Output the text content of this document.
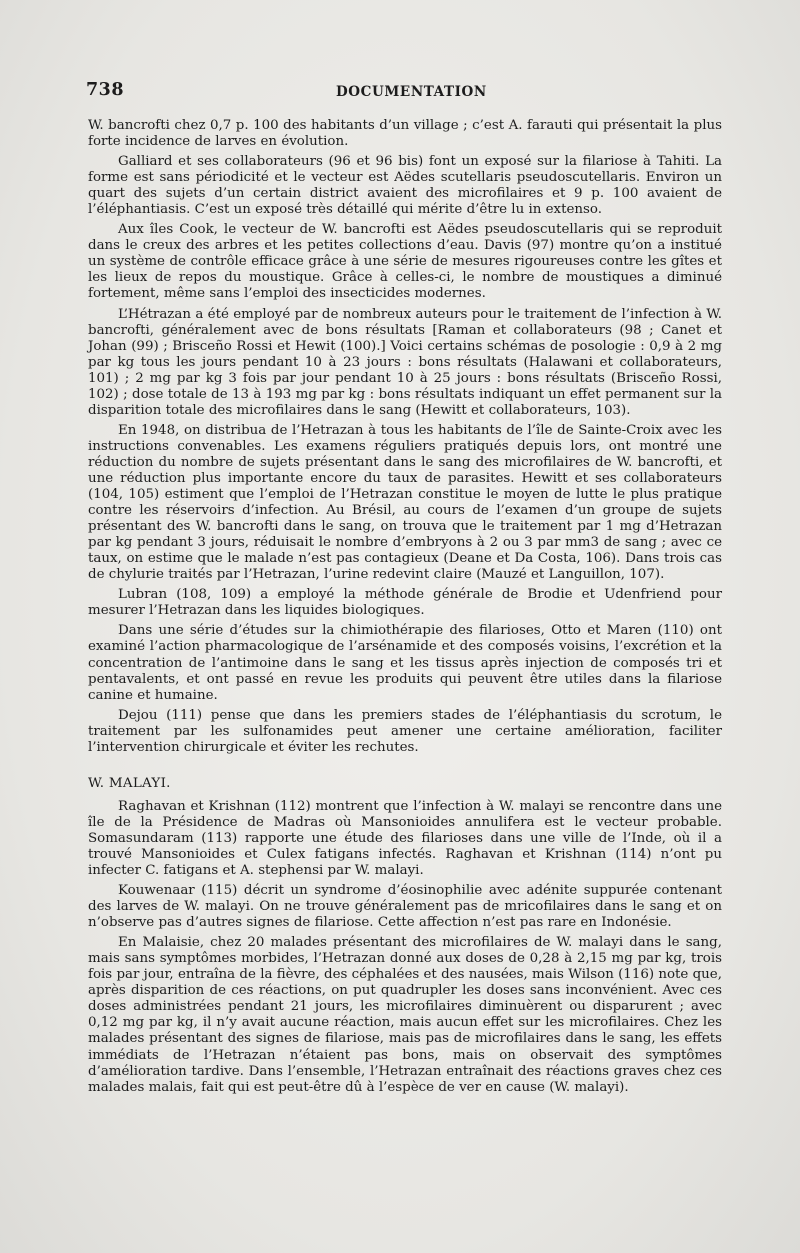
738	DOCUMENTATION

W. bancrofti chez 0,7 p. 100 des habitants d’un village ; c’est A. farauti qui présentait la plus forte incidence de larves en évolution.

Galliard et ses collaborateurs (96 et 96 bis) font un exposé sur la filariose à Tahiti. La forme est sans périodicité et le vecteur est Aëdes scutellaris pseudoscutellaris. Environ un quart des sujets d’un certain district avaient des microfilaires et 9 p. 100 avaient de l’éléphantiasis. C’est un exposé très détaillé qui mérite d’être lu in extenso.

Aux îles Cook, le vecteur de W. bancrofti est Aëdes pseudoscutellaris qui se reproduit dans le creux des arbres et les petites collections d’eau. Davis (97) montre qu’on a institué un système de contrôle efficace grâce à une série de mesures rigoureuses contre les gîtes et les lieux de repos du moustique. Grâce à celles-ci, le nombre de moustiques a diminué fortement, même sans l’emploi des insecticides modernes.

L’Hétrazan a été employé par de nombreux auteurs pour le traitement de l’infection à W. bancrofti, généralement avec de bons résultats [Raman et collaborateurs (98 ; Canet et Johan (99) ; Brisceño Rossi et Hewit (100).] Voici certains schémas de posologie : 0,9 à 2 mg par kg tous les jours pendant 10 à 23 jours : bons résultats (Halawani et collaborateurs, 101) ; 2 mg par kg 3 fois par jour pendant 10 à 25 jours : bons résultats (Brisceño Rossi, 102) ; dose totale de 13 à 193 mg par kg : bons résultats indiquant un effet permanent sur la disparition totale des microfilaires dans le sang (Hewitt et collaborateurs, 103).

En 1948, on distribua de l’Hetrazan à tous les habitants de l’île de Sainte-Croix avec les instructions convenables. Les examens réguliers pratiqués depuis lors, ont montré une réduction du nombre de sujets présentant dans le sang des microfilaires de W. bancrofti, et une réduction plus importante encore du taux de parasites. Hewitt et ses collaborateurs (104, 105) estiment que l’emploi de l’Hetrazan constitue le moyen de lutte le plus pratique contre les réservoirs d’infection. Au Brésil, au cours de l’examen d’un groupe de sujets présentant des W. bancrofti dans le sang, on trouva que le traitement par 1 mg d’Hetrazan par kg pendant 3 jours, réduisait le nombre d’embryons à 2 ou 3 par mm3 de sang ; avec ce taux, on estime que le malade n’est pas contagieux (Deane et Da Costa, 106). Dans trois cas de chylurie traités par l’Hetrazan, l’urine redevint claire (Mauzé et Languillon, 107).

Lubran (108, 109) a employé la méthode générale de Brodie et Udenfriend pour mesurer l’Hetrazan dans les liquides biologiques.

Dans une série d’études sur la chimiothérapie des filarioses, Otto et Maren (110) ont examiné l’action pharmacologique de l’arsénamide et des composés voisins, l’excrétion et la concentration de l’antimoine dans le sang et les tissus après injection de composés tri et pentavalents, et ont passé en revue les produits qui peuvent être utiles dans la filariose canine et humaine.

Dejou (111) pense que dans les premiers stades de l’éléphantiasis du scrotum, le traitement par les sulfonamides peut amener une certaine amélioration, faciliter l’intervention chirurgicale et éviter les rechutes.

W. MALAYI.

Raghavan et Krishnan (112) montrent que l’infection à W. malayi se rencontre dans une île de la Présidence de Madras où Mansonioides annulifera est le vecteur probable. Somasundaram (113) rapporte une étude des filarioses dans une ville de l’Inde, où il a trouvé Mansonioides et Culex fatigans infectés. Raghavan et Krishnan (114) n’ont pu infecter C. fatigans et A. stephensi par W. malayi.

Kouwenaar (115) décrit un syndrome d’éosinophilie avec adénite suppurée contenant des larves de W. malayi. On ne trouve généralement pas de mricofilaires dans le sang et on n’observe pas d’autres signes de filariose. Cette affection n’est pas rare en Indonésie.

En Malaisie, chez 20 malades présentant des microfilaires de W. malayi dans le sang, mais sans symptômes morbides, l’Hetrazan donné aux doses de 0,28 à 2,15 mg par kg, trois fois par jour, entraîna de la fièvre, des céphalées et des nausées, mais Wilson (116) note que, après disparition de ces réactions, on put quadrupler les doses sans inconvénient. Avec ces doses administrées pendant 21 jours, les microfilaires diminuèrent ou disparurent ; avec 0,12 mg par kg, il n’y avait aucune réaction, mais aucun effet sur les microfilaires. Chez les malades présentant des signes de filariose, mais pas de microfilaires dans le sang, les effets immédiats de l’Hetrazan n’étaient pas bons, mais on observait des symptômes d’amélioration tardive. Dans l’ensemble, l’Hetrazan entraînait des réactions graves chez ces malades malais, fait qui est peut-être dû à l’espèce de ver en cause (W. malayi).
